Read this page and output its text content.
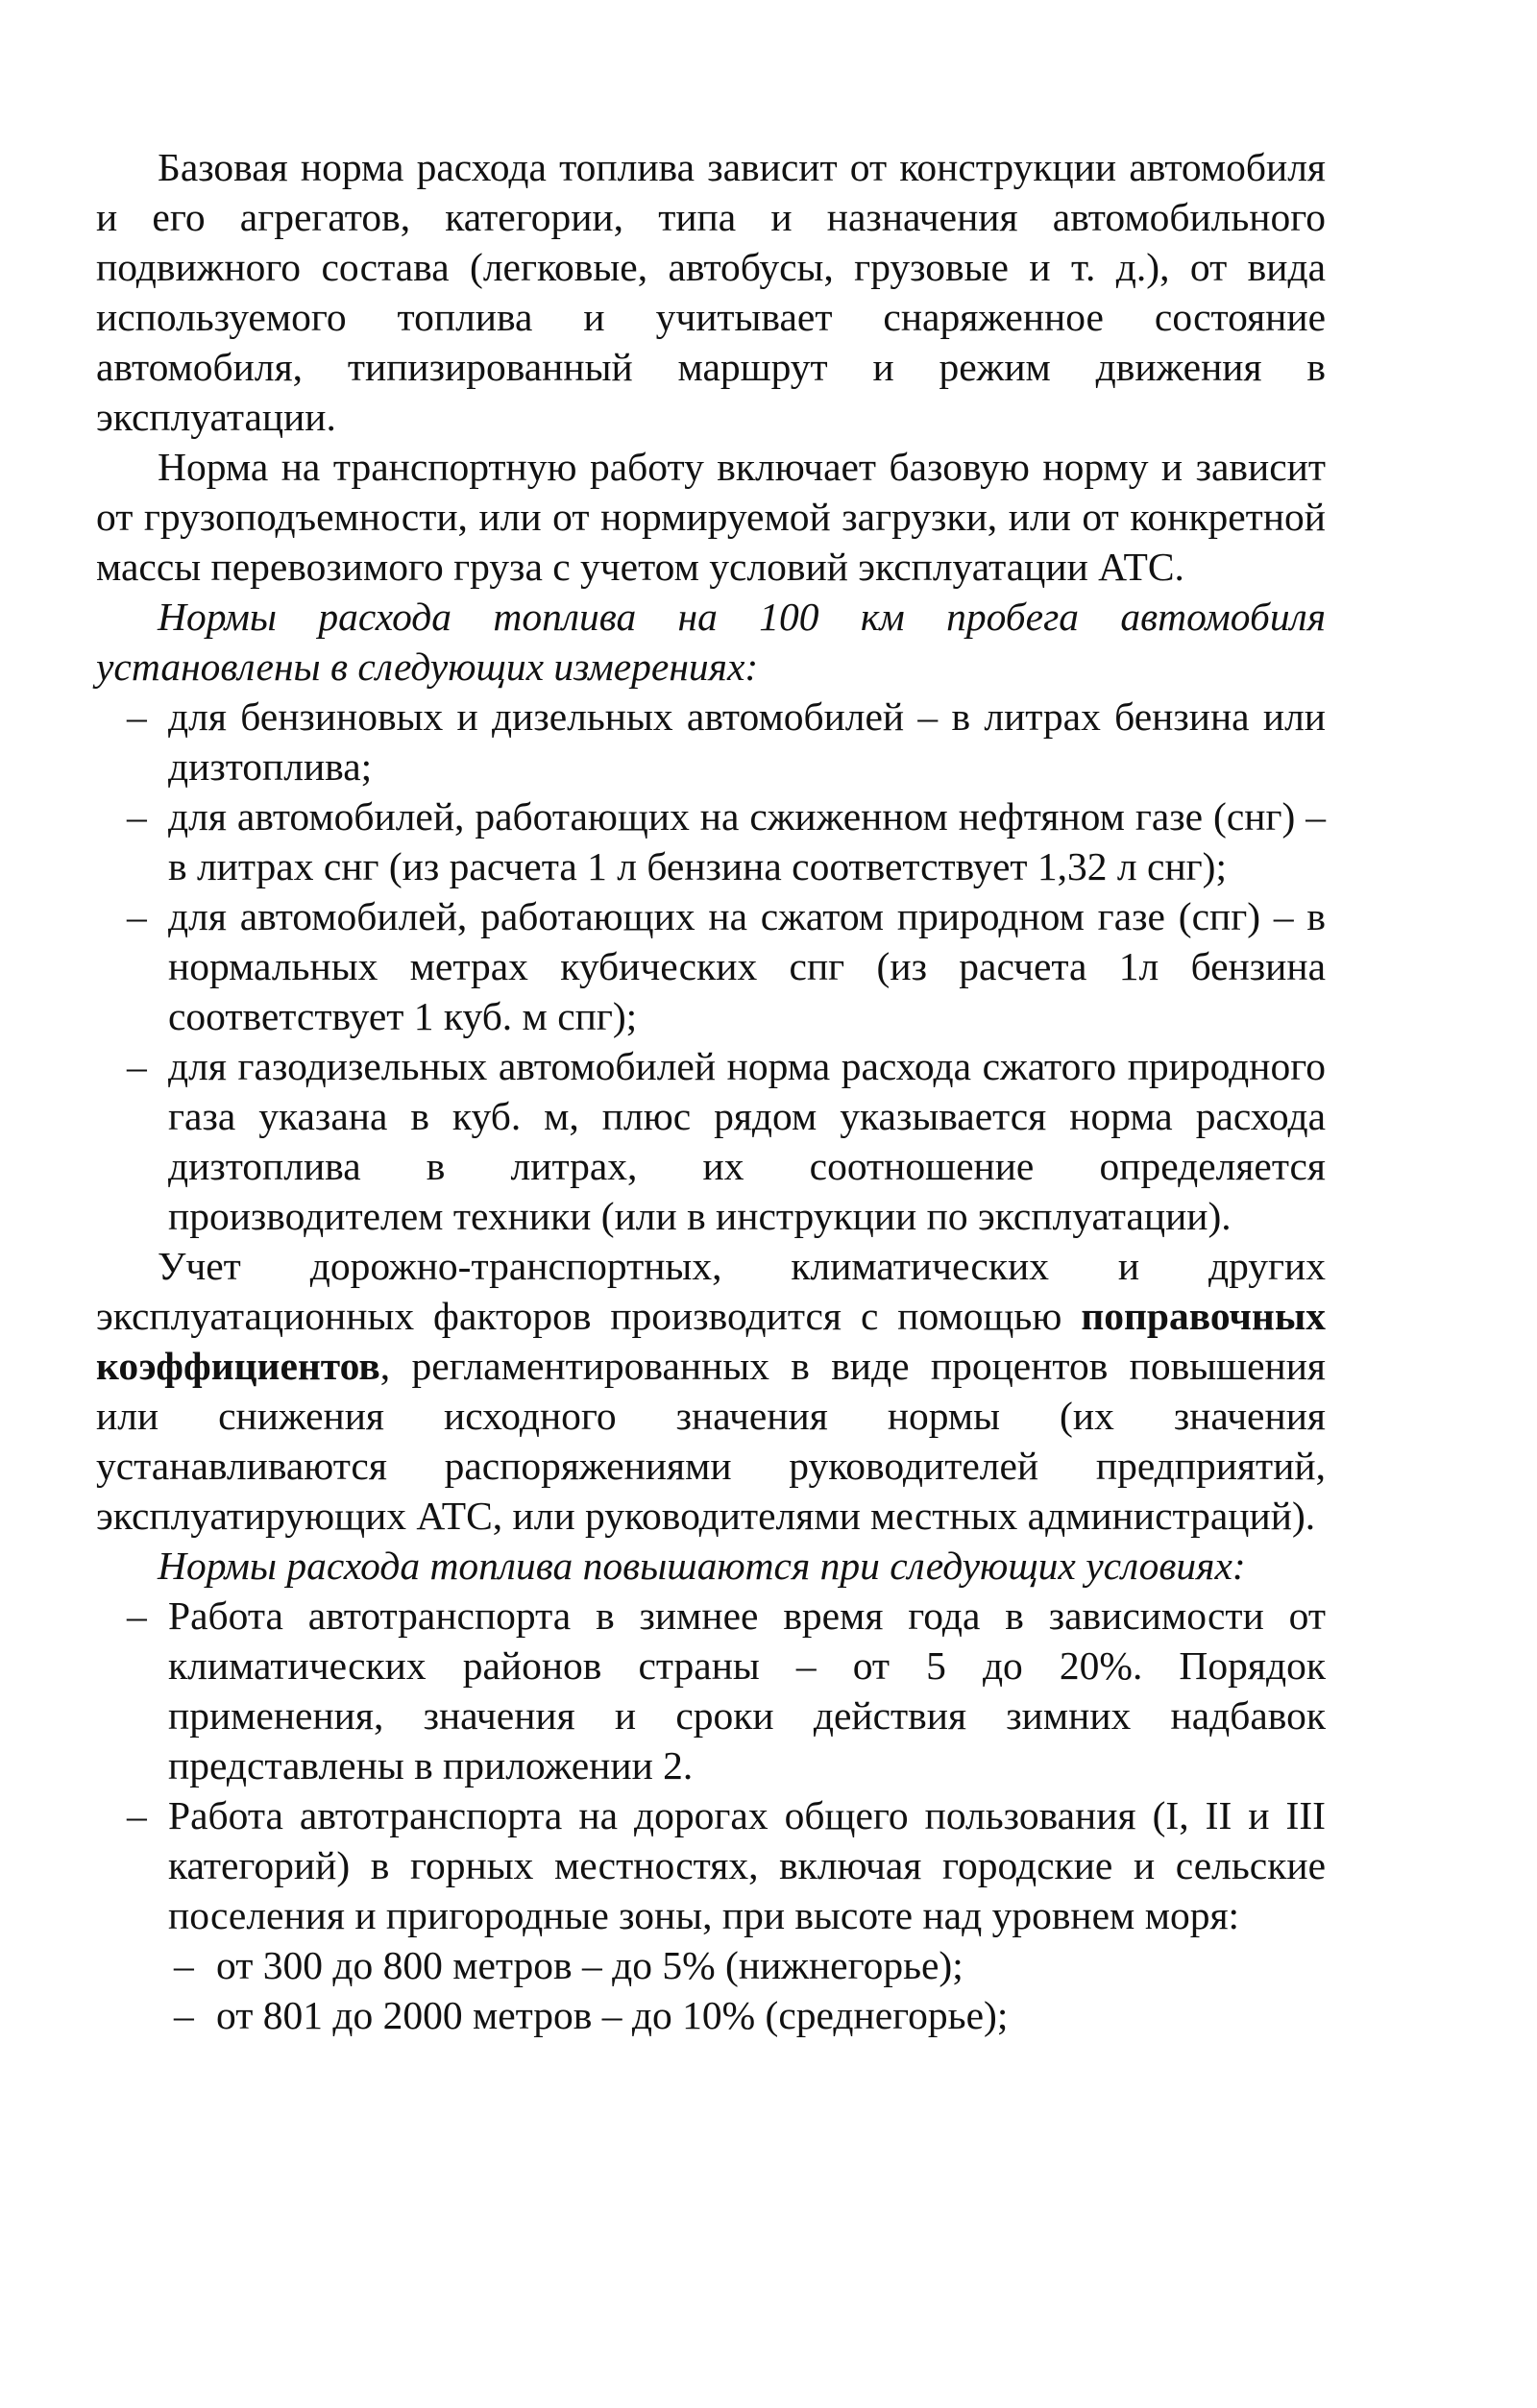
Базовая норма расхода топлива зависит от конструкции автомобиля и его агрегатов, категории, типа и назначения автомобильного подвижного состава (легковые, автобусы, грузовые и т. д.), от вида используемого топлива и учитывает снаряженное состояние автомобиля, типизированный маршрут и режим движения в эксплуатации.

Норма на транспортную работу включает базовую норму и зависит от грузоподъемности, или от нормируемой загрузки, или от конкретной массы перевозимого груза с учетом условий эксплуатации АТС.

Нормы расхода топлива на 100 км пробега автомобиля установлены в следующих измерениях:

– для бензиновых и дизельных автомобилей – в литрах бензина или дизтоплива;
– для автомобилей, работающих на сжиженном нефтяном газе (снг) – в литрах снг (из расчета 1 л бензина соответствует 1,32 л снг);
– для автомобилей, работающих на сжатом природном газе (спг) – в нормальных метрах кубических спг (из расчета 1л бензина соответствует 1 куб. м спг);
– для газодизельных автомобилей норма расхода сжатого природного газа указана в куб. м, плюс рядом указывается норма расхода дизтоплива в литрах, их соотношение определяется производителем техники (или в инструкции по эксплуатации).

Учет дорожно-транспортных, климатических и других эксплуатационных факторов производится с помощью поправочных коэффициентов, регламентированных в виде процентов повышения или снижения исходного значения нормы (их значения устанавливаются распоряжениями руководителей предприятий, эксплуатирующих АТС, или руководителями местных администраций).

Нормы расхода топлива повышаются при следующих условиях:

– Работа автотранспорта в зимнее время года в зависимости от климатических районов страны – от 5 до 20%. Порядок применения, значения и сроки действия зимних надбавок представлены в приложении 2.
– Работа автотранспорта на дорогах общего пользования (I, II и III категорий) в горных местностях, включая городские и сельские поселения и пригородные зоны, при высоте над уровнем моря:
– от 300 до 800 метров – до 5% (нижнегорье);
– от 801 до 2000 метров – до 10% (среднегорье);
